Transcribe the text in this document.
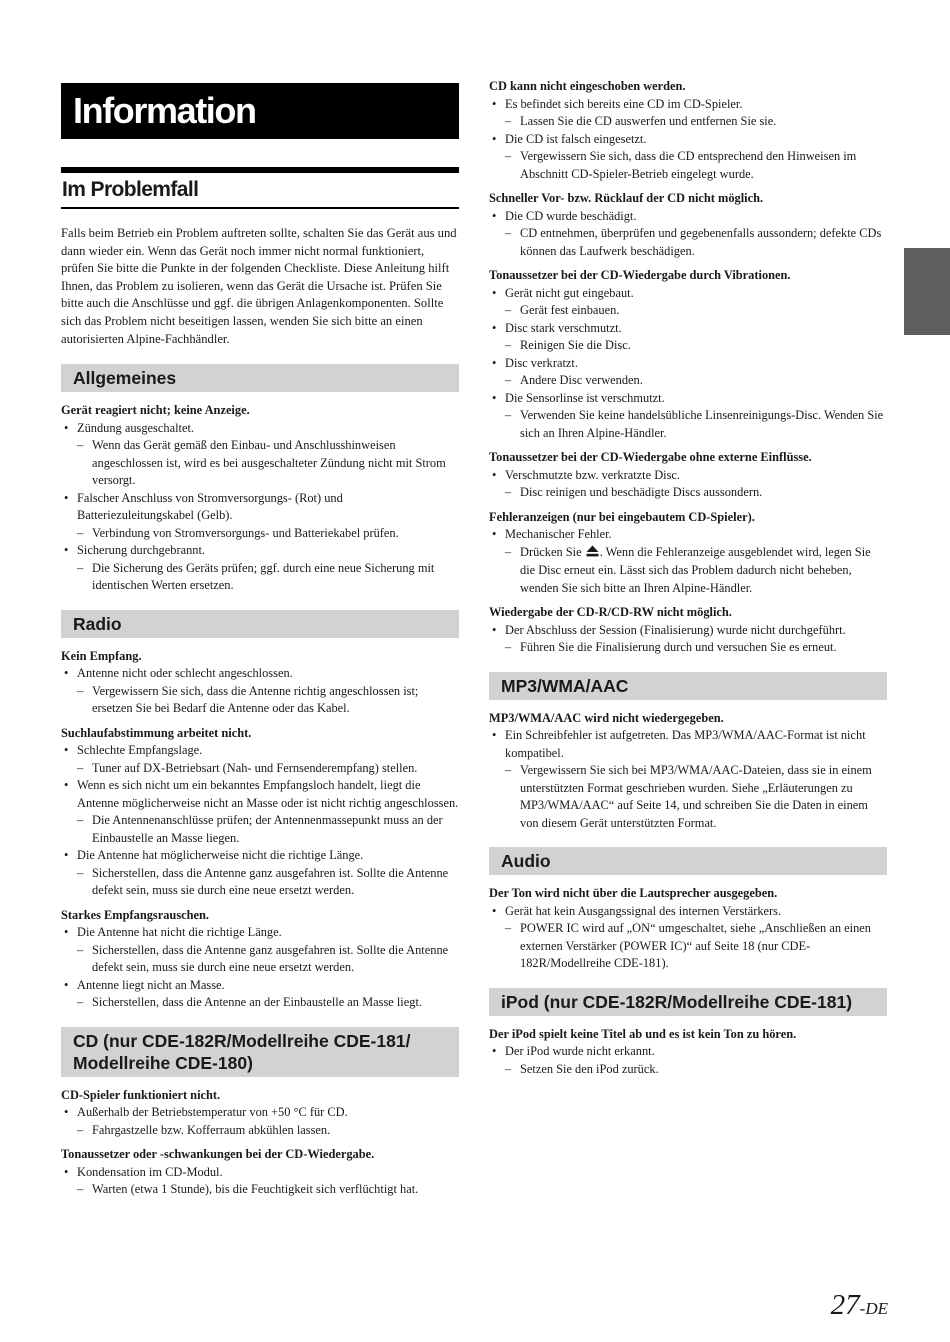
Information
Im Problemfall
Falls beim Betrieb ein Problem auftreten sollte, schalten Sie das Gerät aus und dann wieder ein. Wenn das Gerät noch immer nicht normal funktioniert, prüfen Sie bitte die Punkte in der folgenden Checkliste. Diese Anleitung hilft Ihnen, das Problem zu isolieren, wenn das Gerät die Ursache ist. Prüfen Sie bitte auch die Anschlüsse und ggf. die übrigen Anlagenkomponenten. Sollte sich das Problem nicht beseitigen lassen, wenden Sie sich bitte an einen autorisierten Alpine-Fachhändler.
Allgemeines
Gerät reagiert nicht; keine Anzeige.
• Zündung ausgeschaltet.
– Wenn das Gerät gemäß den Einbau- und Anschlusshinweisen angeschlossen ist, wird es bei ausgeschalteter Zündung nicht mit Strom versorgt.
• Falscher Anschluss von Stromversorgungs- (Rot) und Batteriezuleitungskabel (Gelb).
– Verbindung von Stromversorgungs- und Batteriekabel prüfen.
• Sicherung durchgebrannt.
– Die Sicherung des Geräts prüfen; ggf. durch eine neue Sicherung mit identischen Werten ersetzen.
Radio
Kein Empfang.
• Antenne nicht oder schlecht angeschlossen.
– Vergewissern Sie sich, dass die Antenne richtig angeschlossen ist; ersetzen Sie bei Bedarf die Antenne oder das Kabel.
Suchlaufabstimmung arbeitet nicht.
• Schlechte Empfangslage.
– Tuner auf DX-Betriebsart (Nah- und Fernsenderempfang) stellen.
• Wenn es sich nicht um ein bekanntes Empfangsloch handelt, liegt die Antenne möglicherweise nicht an Masse oder ist nicht richtig angeschlossen.
– Die Antennenanschlüsse prüfen; der Antennenmassepunkt muss an der Einbaustelle an Masse liegen.
• Die Antenne hat möglicherweise nicht die richtige Länge.
– Sicherstellen, dass die Antenne ganz ausgefahren ist. Sollte die Antenne defekt sein, muss sie durch eine neue ersetzt werden.
Starkes Empfangsrauschen.
• Die Antenne hat nicht die richtige Länge.
– Sicherstellen, dass die Antenne ganz ausgefahren ist. Sollte die Antenne defekt sein, muss sie durch eine neue ersetzt werden.
• Antenne liegt nicht an Masse.
– Sicherstellen, dass die Antenne an der Einbaustelle an Masse liegt.
CD (nur CDE-182R/Modellreihe CDE-181/ Modellreihe CDE-180)
CD-Spieler funktioniert nicht.
• Außerhalb der Betriebstemperatur von +50 °C für CD.
– Fahrgastzelle bzw. Kofferraum abkühlen lassen.
Tonaussetzer oder -schwankungen bei der CD-Wiedergabe.
• Kondensation im CD-Modul.
– Warten (etwa 1 Stunde), bis die Feuchtigkeit sich verflüchtigt hat.
CD kann nicht eingeschoben werden.
• Es befindet sich bereits eine CD im CD-Spieler.
– Lassen Sie die CD auswerfen und entfernen Sie sie.
• Die CD ist falsch eingesetzt.
– Vergewissern Sie sich, dass die CD entsprechend den Hinweisen im Abschnitt CD-Spieler-Betrieb eingelegt wurde.
Schneller Vor- bzw. Rücklauf der CD nicht möglich.
• Die CD wurde beschädigt.
– CD entnehmen, überprüfen und gegebenenfalls aussondern; defekte CDs können das Laufwerk beschädigen.
Tonaussetzer bei der CD-Wiedergabe durch Vibrationen.
• Gerät nicht gut eingebaut.
– Gerät fest einbauen.
• Disc stark verschmutzt.
– Reinigen Sie die Disc.
• Disc verkratzt.
– Andere Disc verwenden.
• Die Sensorlinse ist verschmutzt.
– Verwenden Sie keine handelsübliche Linsenreinigungs-Disc. Wenden Sie sich an Ihren Alpine-Händler.
Tonaussetzer bei der CD-Wiedergabe ohne externe Einflüsse.
• Verschmutzte bzw. verkratzte Disc.
– Disc reinigen und beschädigte Discs aussondern.
Fehleranzeigen (nur bei eingebautem CD-Spieler).
• Mechanischer Fehler.
– Drücken Sie . Wenn die Fehleranzeige ausgeblendet wird, legen Sie die Disc erneut ein. Lässt sich das Problem dadurch nicht beheben, wenden Sie sich bitte an Ihren Alpine-Händler.
Wiedergabe der CD-R/CD-RW nicht möglich.
• Der Abschluss der Session (Finalisierung) wurde nicht durchgeführt.
– Führen Sie die Finalisierung durch und versuchen Sie es erneut.
MP3/WMA/AAC
MP3/WMA/AAC wird nicht wiedergegeben.
• Ein Schreibfehler ist aufgetreten. Das MP3/WMA/AAC-Format ist nicht kompatibel.
– Vergewissern Sie sich bei MP3/WMA/AAC-Dateien, dass sie in einem unterstützten Format geschrieben wurden. Siehe „Erläuterungen zu MP3/WMA/AAC“ auf Seite 14, und schreiben Sie die Daten in einem von diesem Gerät unterstützten Format.
Audio
Der Ton wird nicht über die Lautsprecher ausgegeben.
• Gerät hat kein Ausgangssignal des internen Verstärkers.
– POWER IC wird auf „ON“ umgeschaltet, siehe „Anschließen an einen externen Verstärker (POWER IC)“ auf Seite 18 (nur CDE-182R/Modellreihe CDE-181).
iPod (nur CDE-182R/Modellreihe CDE-181)
Der iPod spielt keine Titel ab und es ist kein Ton zu hören.
• Der iPod wurde nicht erkannt.
– Setzen Sie den iPod zurück.
27-DE
